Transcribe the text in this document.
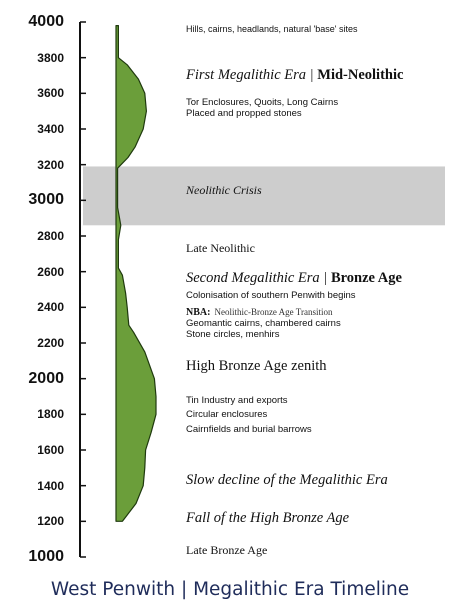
4000
3800
3600
3400
3200
3000
2800
2600
2400
2200
2000
1800
1600
1400
1200
1000
Hills, cairns, headlands, natural 'base' sites
First Megalithic Era | Mid-Neolithic
Tor Enclosures, Quoits, Long Cairns
Placed and propped stones
Neolithic Crisis
Late Neolithic
Second Megalithic Era | Bronze Age
Colonisation of southern Penwith begins
NBA: Neolithic-Bronze Age Transition
Geomantic cairns, chambered cairns
Stone circles, menhirs
High Bronze Age zenith
Tin Industry and exports
Circular enclosures
Cairnfields and burial barrows
Slow decline of the Megalithic Era
Fall of the High Bronze Age
Late Bronze Age
West Penwith | Megalithic Era Timeline
